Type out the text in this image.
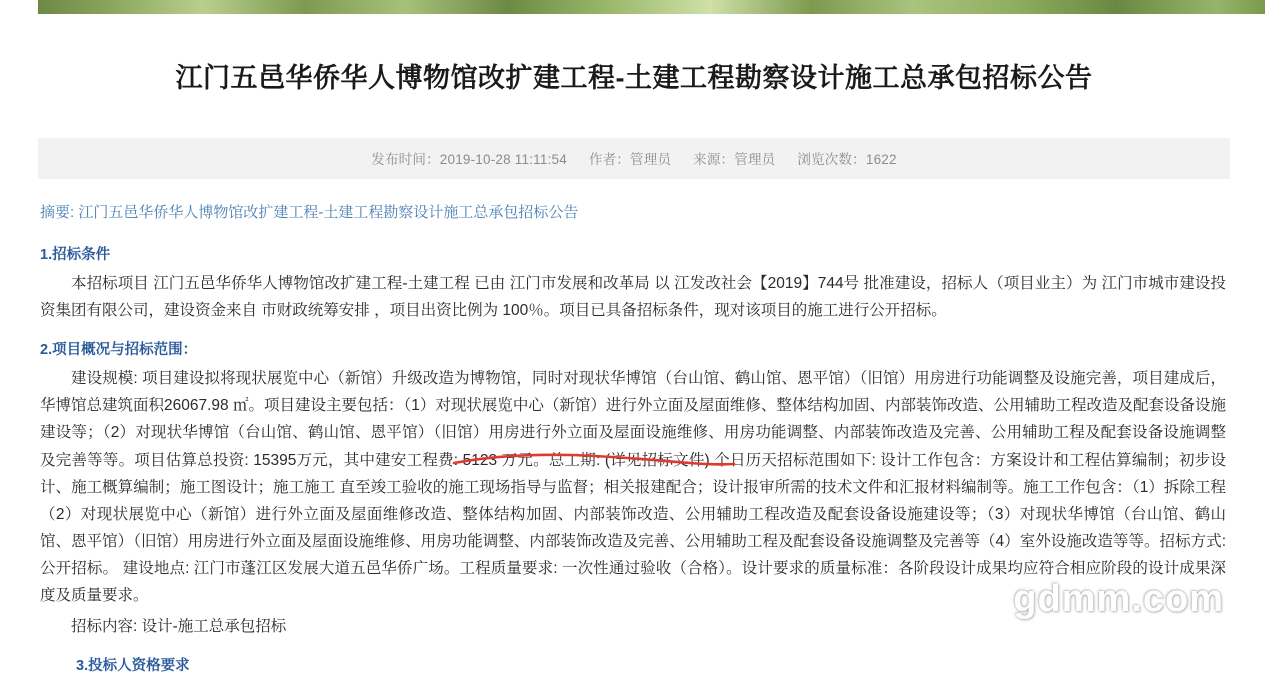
江门五邑华侨华人博物馆改扩建工程-土建工程勘察设计施工总承包招标公告
发布时间：2019-10-28 11:11:54 作者：管理员 来源：管理员 浏览次数：1622
摘要: 江门五邑华侨华人博物馆改扩建工程-土建工程勘察设计施工总承包招标公告
1.招标条件
本招标项目 江门五邑华侨华人博物馆改扩建工程-土建工程 已由 江门市发展和改革局 以 江发改社会【2019】744号 批准建设，招标人（项目业主）为 江门市城市建设投资集团有限公司，建设资金来自 市财政统筹安排 ，项目出资比例为 100％。项目已具备招标条件，现对该项目的施工进行公开招标。
2.项目概况与招标范围：
建设规模: 项目建设拟将现状展览中心（新馆）升级改造为博物馆，同时对现状华博馆（台山馆、鹤山馆、恩平馆）（旧馆）用房进行功能调整及设施完善，项目建成后，华博馆总建筑面积26067.98 ㎡。项目建设主要包括：（1）对现状展览中心（新馆）进行外立面及屋面维修、整体结构加固、内部装饰改造、公用辅助工程改造及配套设备设施建设等；（2）对现状华博馆（台山馆、鹤山馆、恩平馆）（旧馆）用房进行外立面及屋面设施维修、用房功能调整、内部装饰改造及完善、公用辅助工程及配套设备设施调整及完善等等。项目估算总投资: 15395万元，其中建安工程费: 5123 万元。总工期: (详见招标文件) 个日历天招标范围如下: 设计工作包含：方案设计和工程估算编制；初步设计、施工概算编制；施工图设计；施工施工 直至竣工验收的施工现场指导与监督；相关报建配合；设计报审所需的技术文件和汇报材料编制等。施工工作包含：（1）拆除工程（2）对现状展览中心（新馆）进行外立面及屋面维修改造、整体结构加固、内部装饰改造、公用辅助工程改造及配套设备设施建设等；（3）对现状华博馆（台山馆、鹤山馆、恩平馆）（旧馆）用房进行外立面及屋面设施维修、用房功能调整、内部装饰改造及完善、公用辅助工程及配套设备设施调整及完善等（4）室外设施改造等等。招标方式: 公开招标。 建设地点: 江门市蓬江区发展大道五邑华侨广场。工程质量要求: 一次性通过验收（合格）。设计要求的质量标准：各阶段设计成果均应符合相应阶段的设计成果深度及质量要求。
招标内容: 设计-施工总承包招标
3.投标人资格要求
gdmm.com
